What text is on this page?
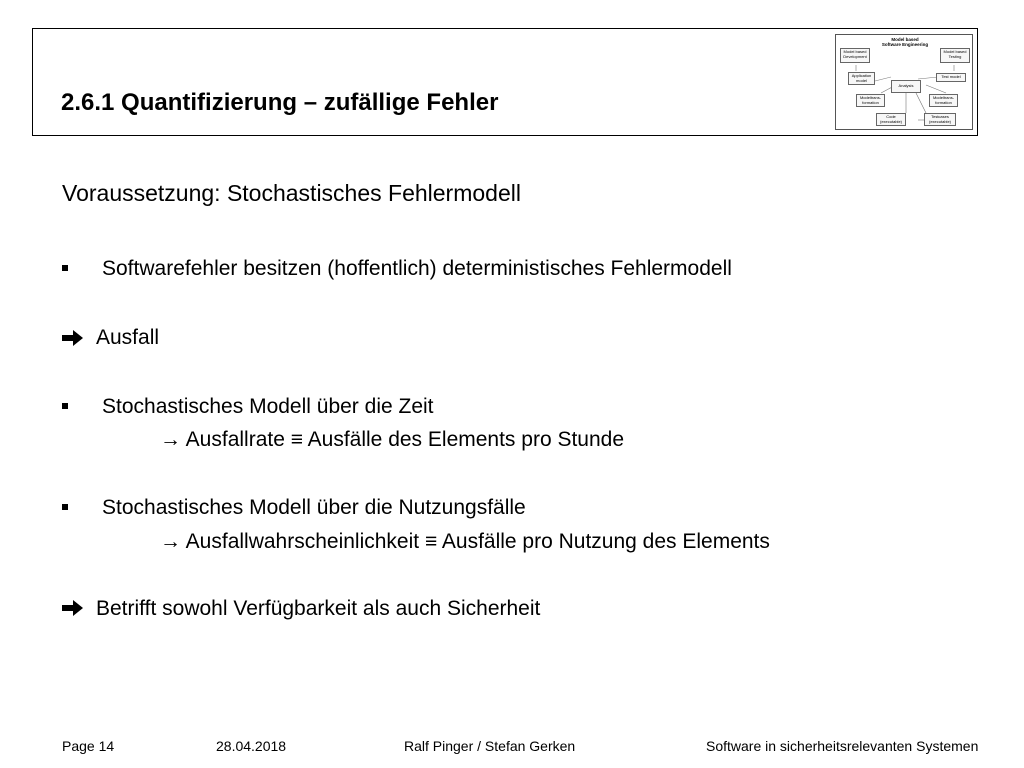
2.6.1 Quantifizierung – zufällige Fehler
Model based
Software Engineering
Model based
Development
Model based
Testing
Application
model
Test model
Analysis
Modeltrans-
formation
Modeltrans-
formation
Code
(executable)
Testcases
(executable)
Voraussetzung: Stochastisches Fehlermodell
Softwarefehler besitzen (hoffentlich) deterministisches Fehlermodell
Ausfall
Stochastisches Modell über die Zeit
→ Ausfallrate ≡ Ausfälle des Elements pro Stunde
Stochastisches Modell über die Nutzungsfälle
→ Ausfallwahrscheinlichkeit ≡ Ausfälle pro Nutzung des Elements
Betrifft sowohl Verfügbarkeit als auch Sicherheit
Page 14	28.04.2018	Ralf Pinger / Stefan Gerken	Software in sicherheitsrelevanten Systemen
